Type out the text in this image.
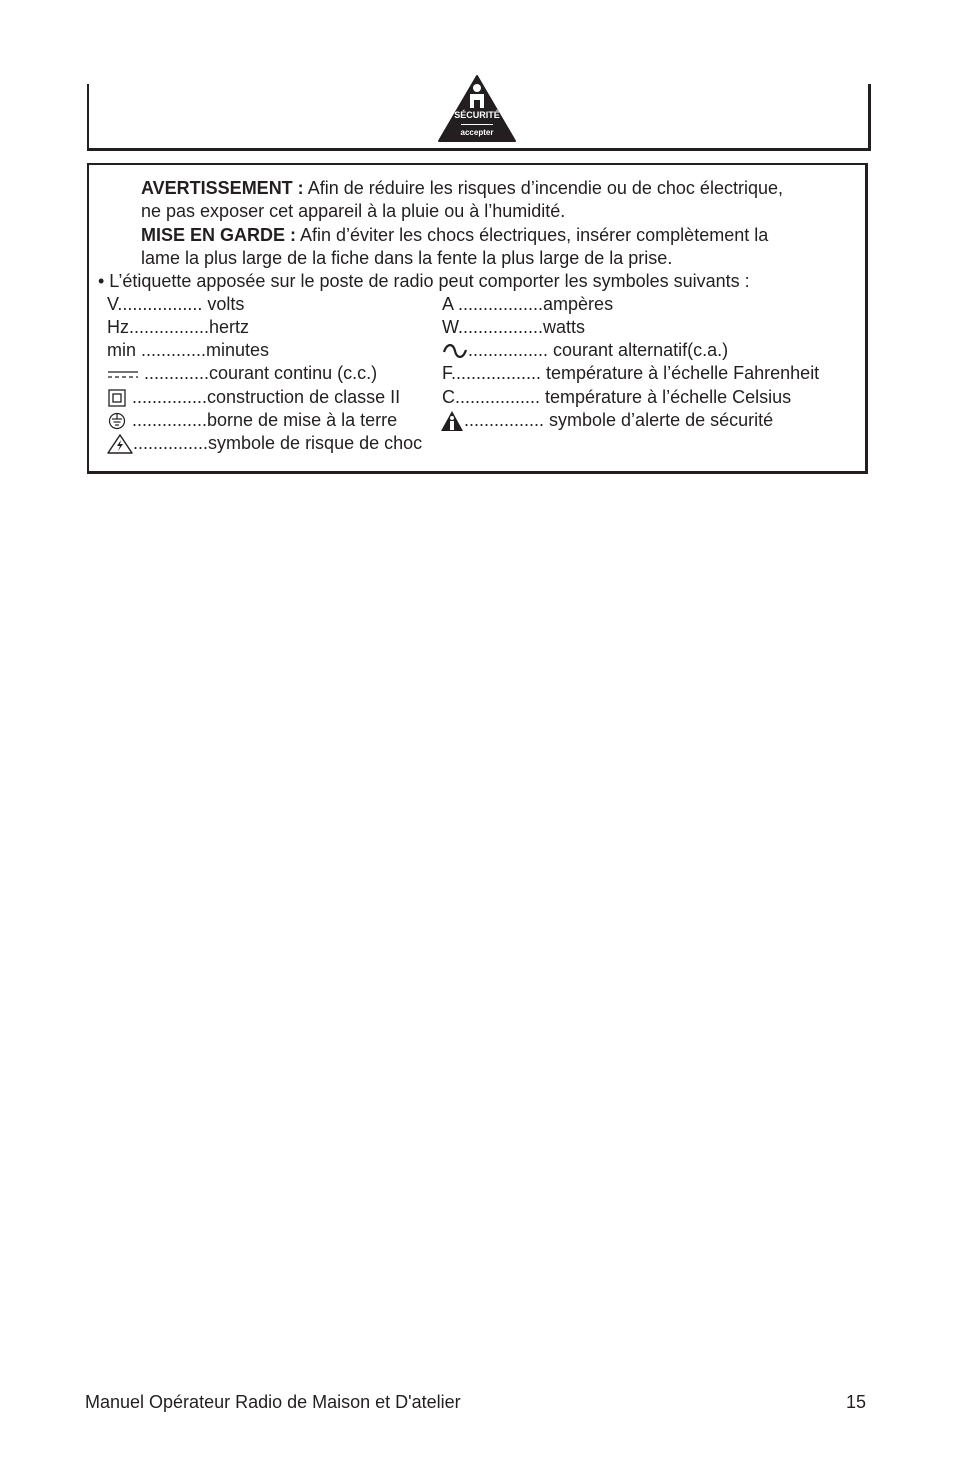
SÉCURITÉ
accepter
AVERTISSEMENT : Afin de réduire les risques d’incendie ou de choc électrique,
ne pas exposer cet appareil à la pluie ou à l’humidité.
MISE EN GARDE : Afin d’éviter les chocs électriques, insérer complètement la
lame la plus large de la fiche dans la fente la plus large de la prise.
• L’étiquette apposée sur le poste de radio peut comporter les symboles suivants :
V................. volts
Hz................hertz
min .............minutes
.............courant continu (c.c.)
...............construction de classe II
...............borne de mise à la terre
...............symbole de risque de choc
A .................ampères
W.................watts
................ courant alternatif(c.a.)
F.................. température à l’échelle Fahrenheit
C................. température à l’échelle Celsius
................ symbole d’alerte de sécurité
Manuel Opérateur Radio de Maison et D'atelier	15
